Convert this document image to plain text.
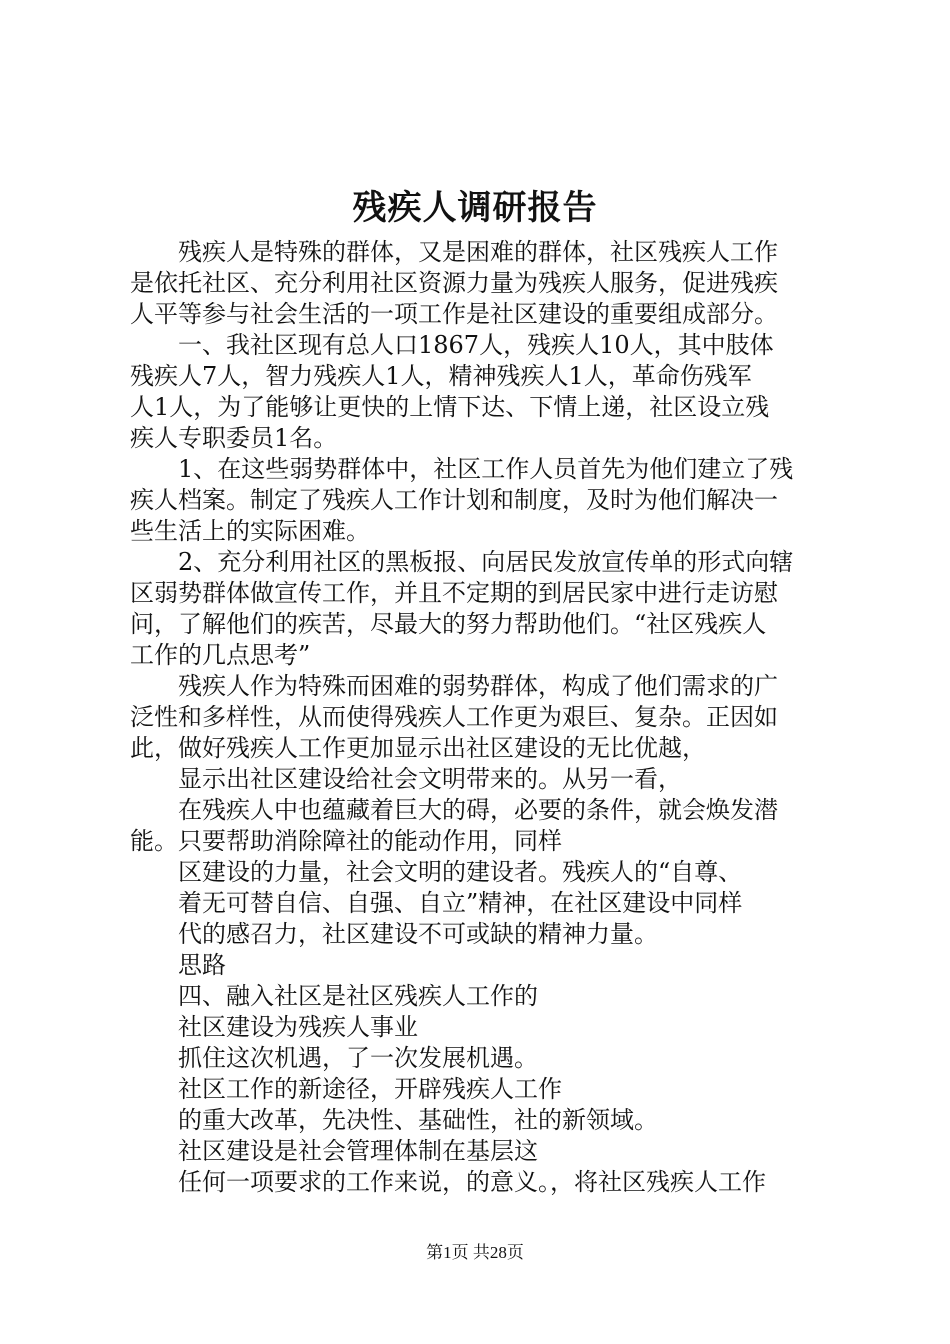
残疾人调研报告
　　残疾人是特殊的群体，又是困难的群体，社区残疾人工作
是依托社区、充分利用社区资源力量为残疾人服务，促进残疾
人平等参与社会生活的一项工作是社区建设的重要组成部分。
　　一、我社区现有总人口1867人，残疾人10人，其中肢体
残疾人7人，智力残疾人1人，精神残疾人1人，革命伤残军
人1人，为了能够让更快的上情下达、下情上递，社区设立残
疾人专职委员1名。
　　1、在这些弱势群体中，社区工作人员首先为他们建立了残
疾人档案。制定了残疾人工作计划和制度，及时为他们解决一
些生活上的实际困难。
　　2、充分利用社区的黑板报、向居民发放宣传单的形式向辖
区弱势群体做宣传工作，并且不定期的到居民家中进行走访慰
问，了解他们的疾苦，尽最大的努力帮助他们。“社区残疾人
工作的几点思考”
　　残疾人作为特殊而困难的弱势群体，构成了他们需求的广
泛性和多样性，从而使得残疾人工作更为艰巨、复杂。正因如
此，做好残疾人工作更加显示出社区建设的无比优越，
　　显示出社区建设给社会文明带来的。从另一看，
　　在残疾人中也蕴藏着巨大的碍，必要的条件，就会焕发潜
能。只要帮助消除障社的能动作用，同样
　　区建设的力量，社会文明的建设者。残疾人的“自尊、
　　着无可替自信、自强、自立”精神，在社区建设中同样
　　代的感召力，社区建设不可或缺的精神力量。
　　思路
　　四、融入社区是社区残疾人工作的
　　社区建设为残疾人事业
　　抓住这次机遇，了一次发展机遇。
　　社区工作的新途径，开辟残疾人工作
　　的重大改革，先决性、基础性，社的新领域。
　　社区建设是社会管理体制在基层这
　　任何一项要求的工作来说，的意义。，将社区残疾人工作
第1页 共28页
